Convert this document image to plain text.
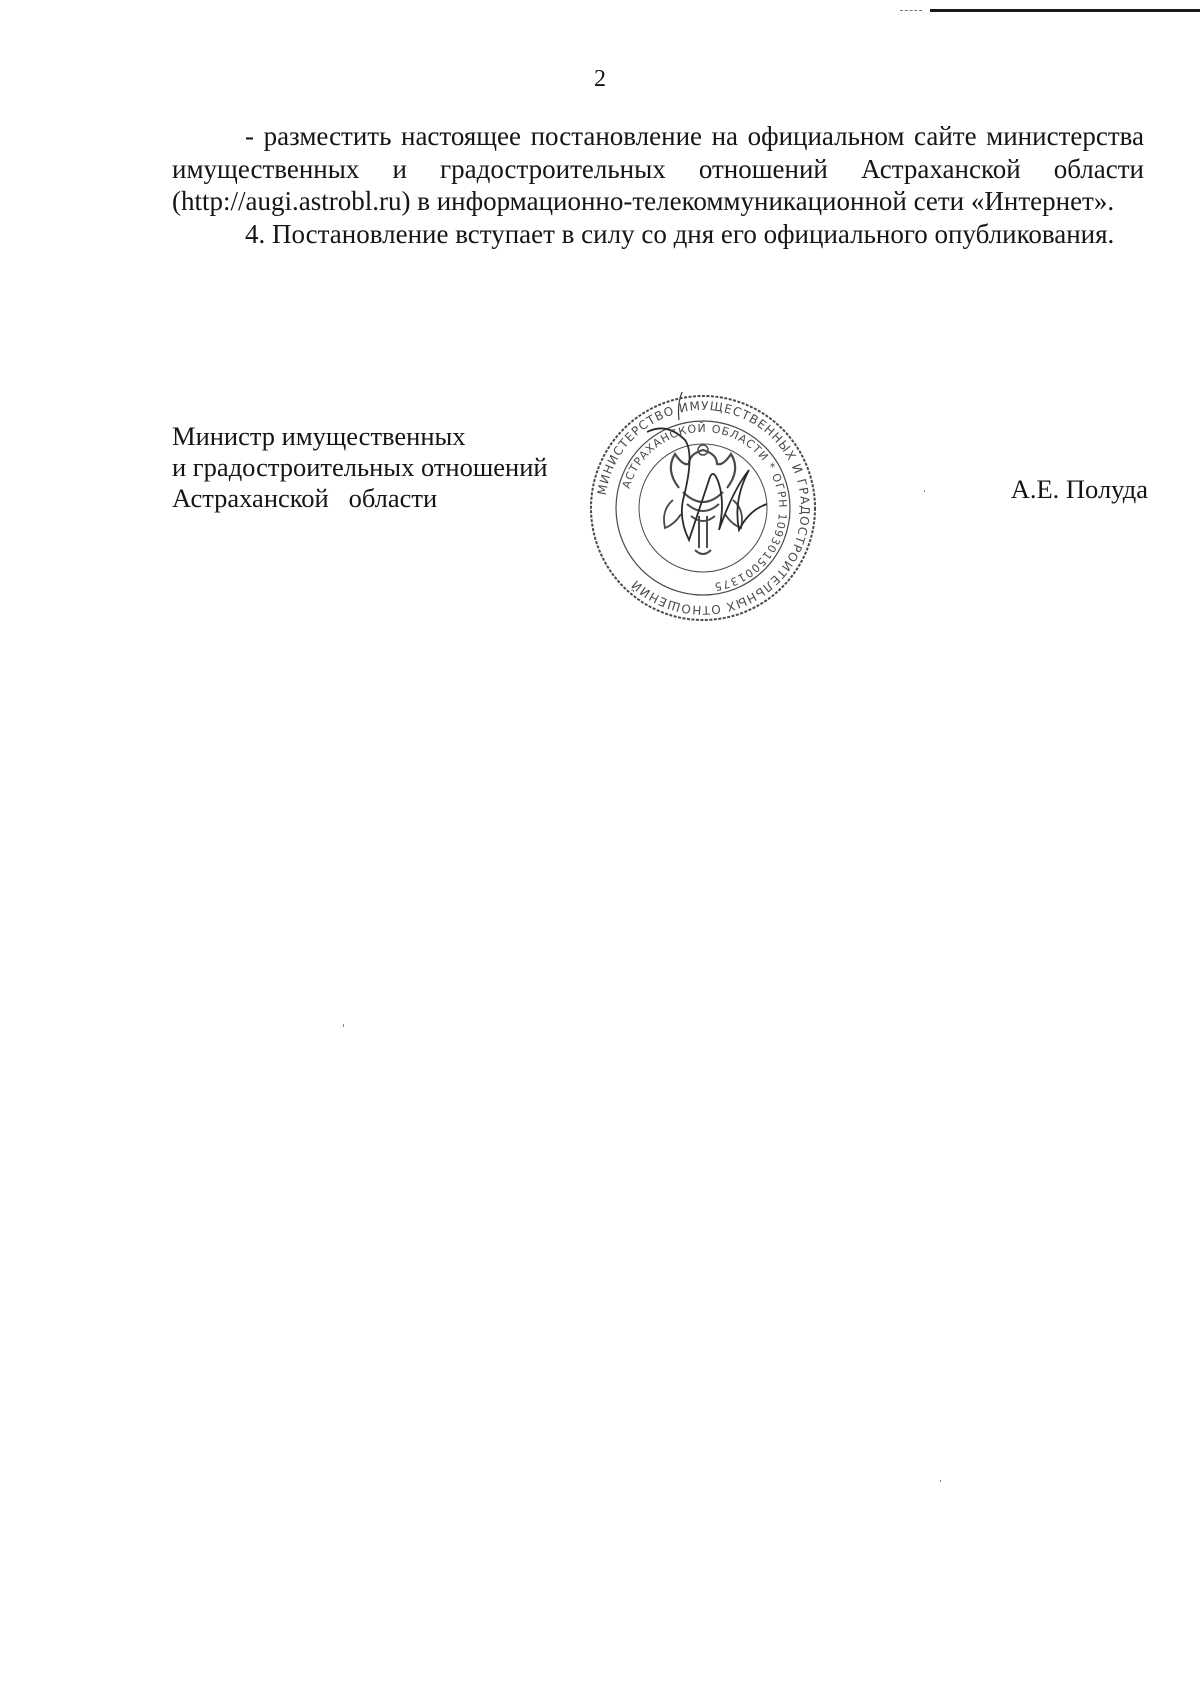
2

- разместить настоящее постановление на официальном сайте министерства имущественных и градостроительных отношений Астраханской области (http://augi.astrobl.ru) в информационно-телекоммуникационной сети «Интернет».

4. Постановление вступает в силу со дня его официального опубликования.

Министр имущественных
и градостроительных отношений
Астраханской   области	А.Е. Полуда
МИНИСТЕРСТВО ИМУЩЕСТВЕННЫХ И ГРАДОСТРОИТЕЛЬНЫХ ОТНОШЕНИЙ
АСТРАХАНСКОЙ ОБЛАСТИ * ОГРН 1093015001375
